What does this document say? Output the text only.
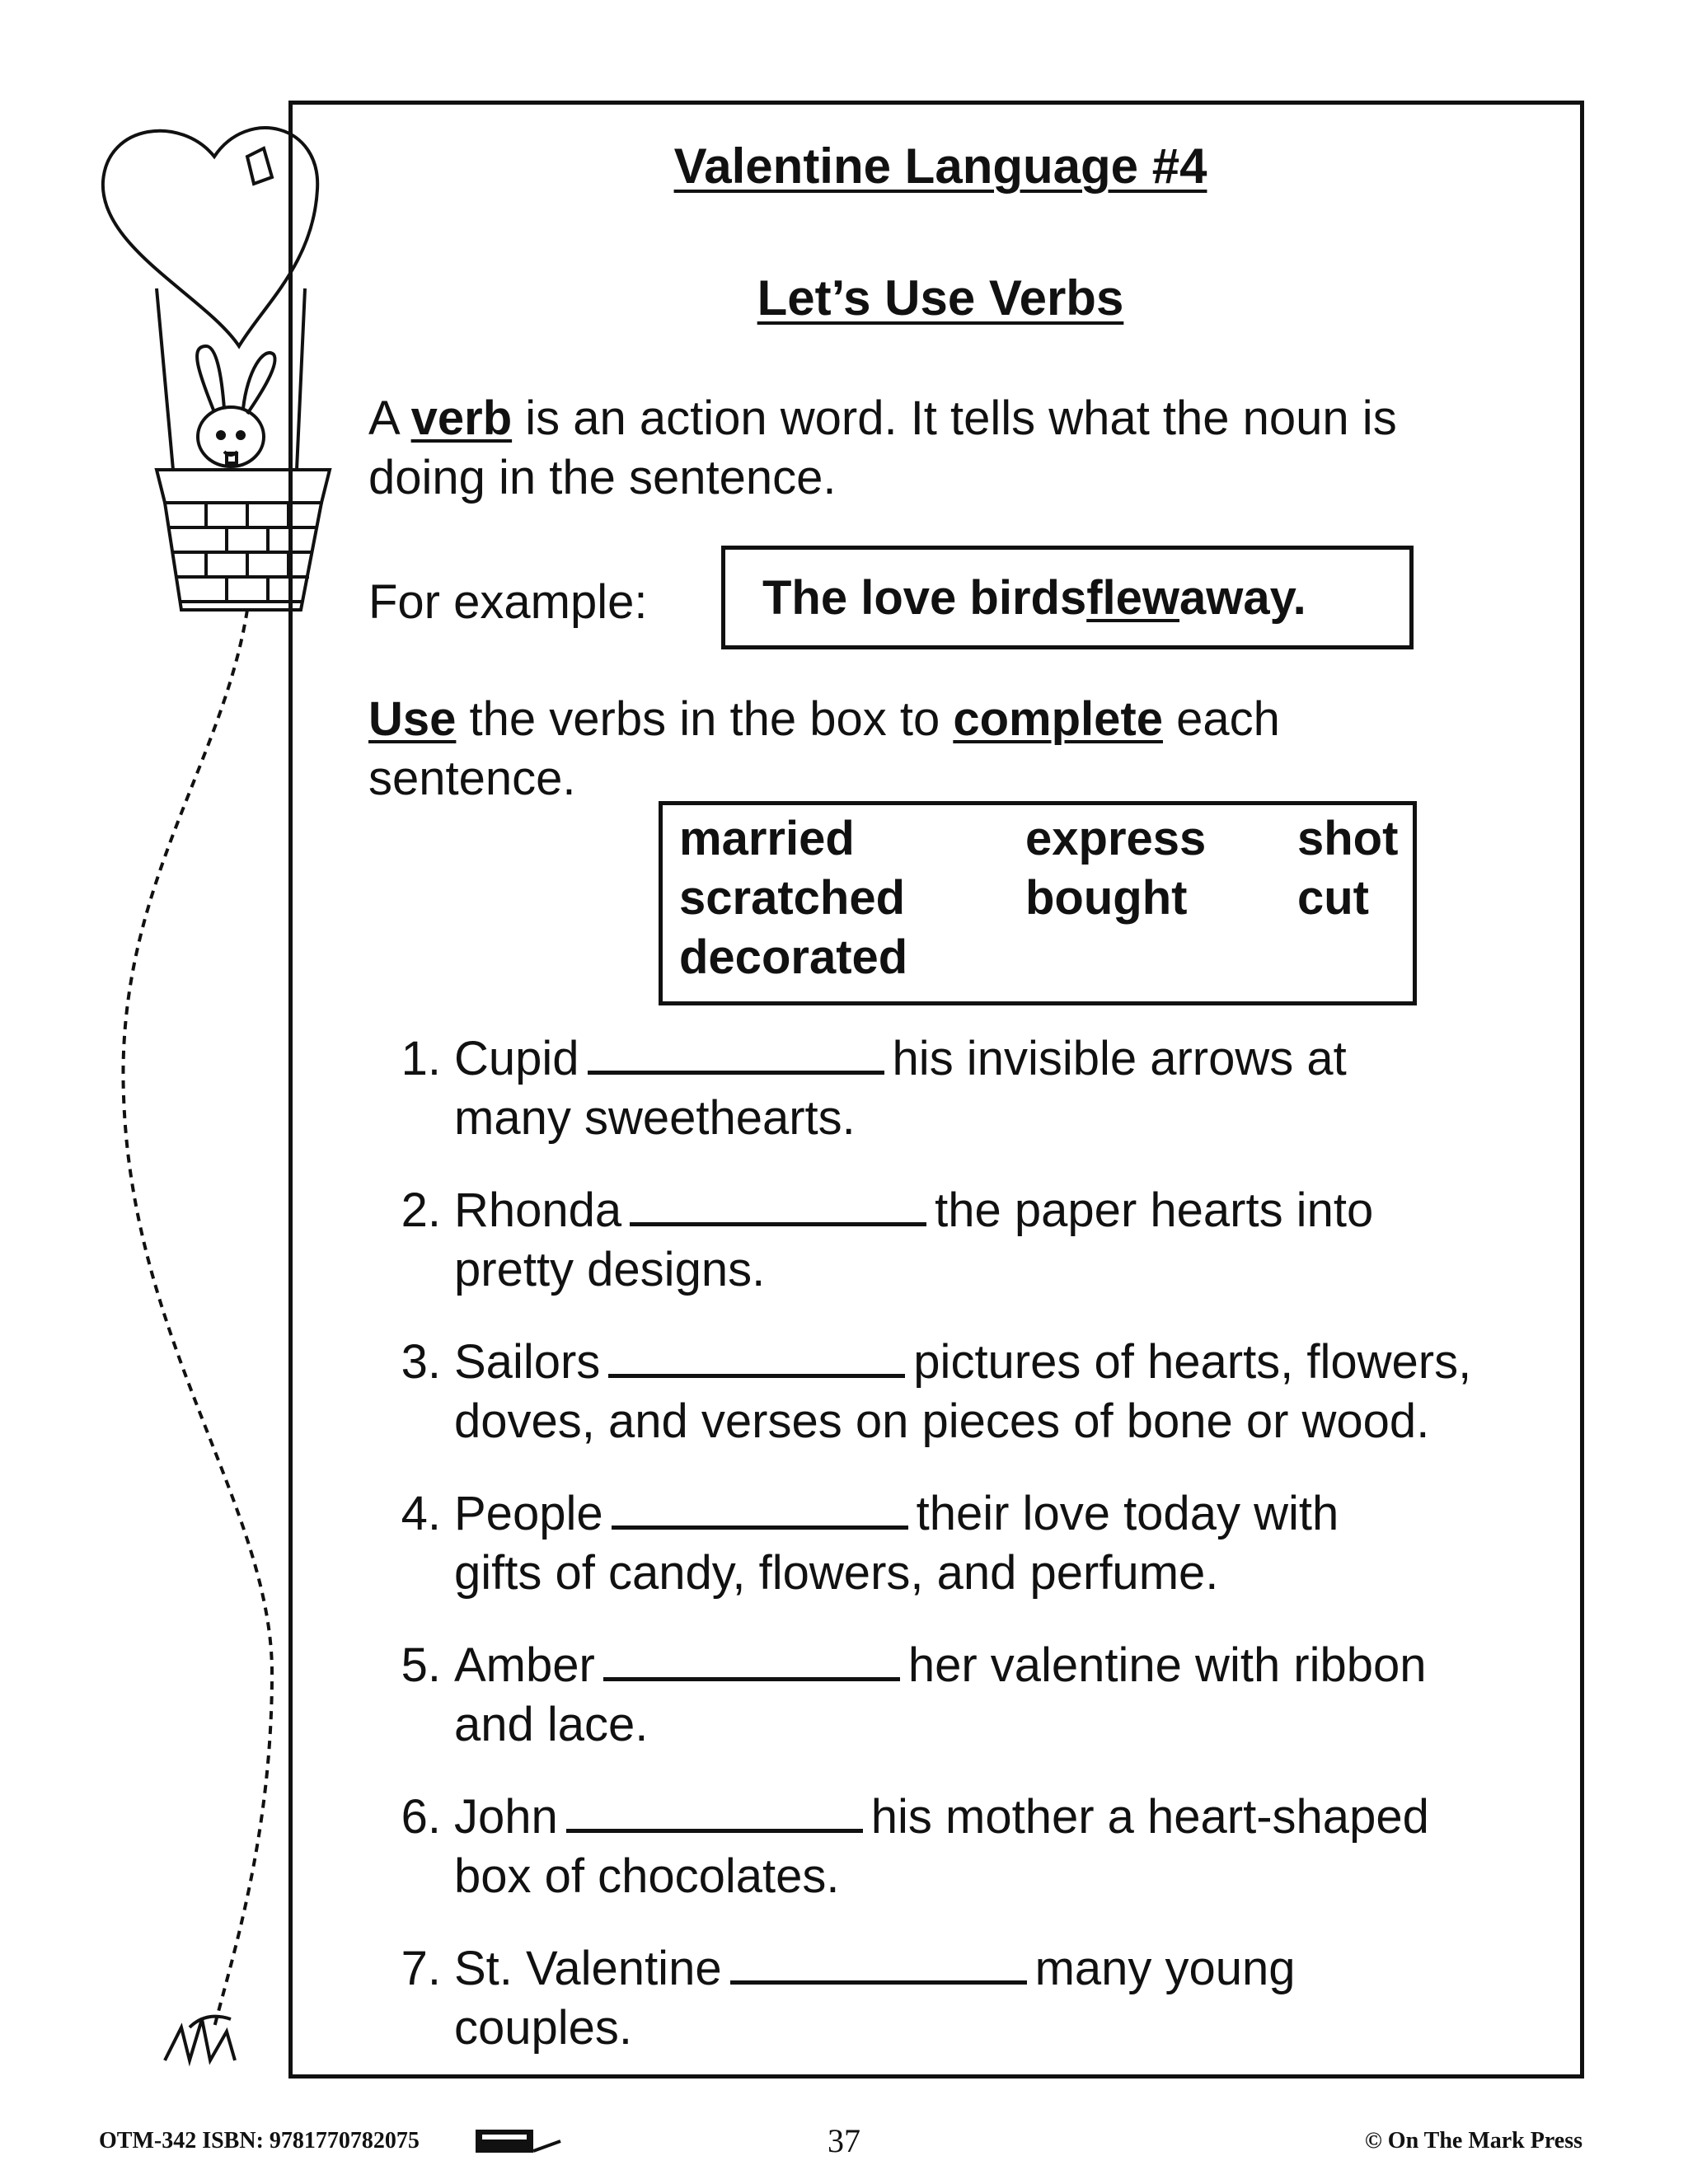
Valentine Language #4
Let’s Use Verbs
A verb is an action word. It tells what the noun is
doing in the sentence.
For example: The love birds flew away.
Use the verbs in the box to complete each
sentence.
married	express shot
scratched	bought cut
decorated
1. Cupid	his invisible arrows at
many sweethearts.
2. Rhonda	the paper hearts into
pretty designs.
3. Sailors	pictures of hearts, flowers,
doves, and verses on pieces of bone or wood.
4. People	their love today with
gifts of candy, flowers, and perfume.
5. Amber	her valentine with ribbon
and lace.
6. John	his mother a heart-shaped
box of chocolates.
7. St. Valentine	many young
couples.
OTM-342 ISBN: 9781770782075	37	© On The Mark Press
